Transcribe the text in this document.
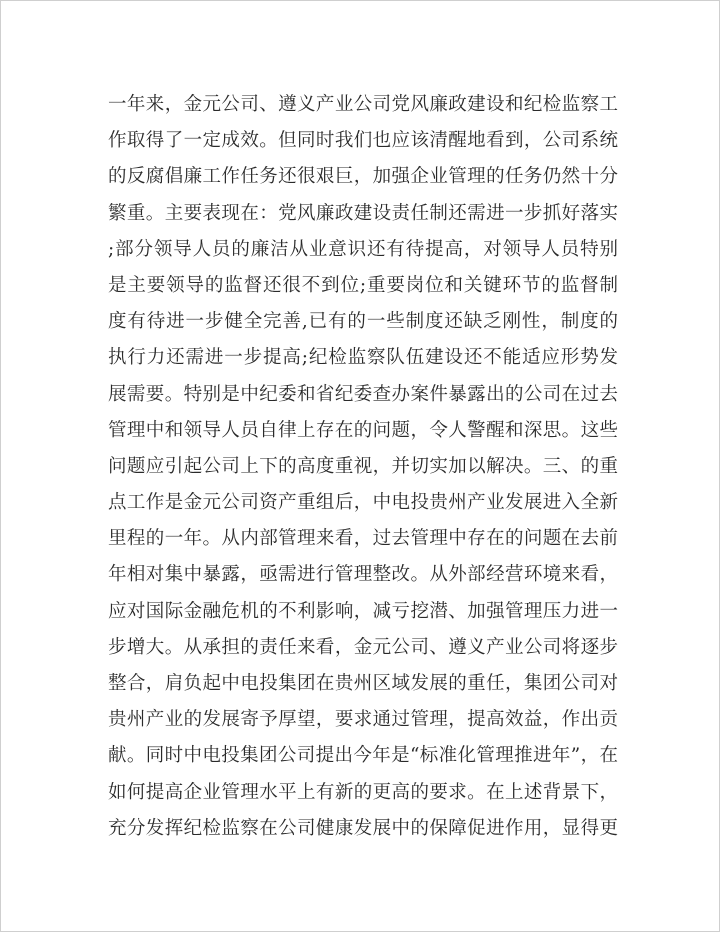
一年来，金元公司、遵义产业公司党风廉政建设和纪检监察工
作取得了一定成效。但同时我们也应该清醒地看到，公司系统
的反腐倡廉工作任务还很艰巨，加强企业管理的任务仍然十分
繁重。主要表现在：党风廉政建设责任制还需进一步抓好落实
;部分领导人员的廉洁从业意识还有待提高，对领导人员特别
是主要领导的监督还很不到位;重要岗位和关键环节的监督制
度有待进一步健全完善,已有的一些制度还缺乏刚性，制度的
执行力还需进一步提高;纪检监察队伍建设还不能适应形势发
展需要。特别是中纪委和省纪委查办案件暴露出的公司在过去
管理中和领导人员自律上存在的问题，令人警醒和深思。这些
问题应引起公司上下的高度重视，并切实加以解决。三、的重
点工作是金元公司资产重组后，中电投贵州产业发展进入全新
里程的一年。从内部管理来看，过去管理中存在的问题在去前
年相对集中暴露，亟需进行管理整改。从外部经营环境来看，
应对国际金融危机的不利影响，减亏挖潜、加强管理压力进一
步增大。从承担的责任来看，金元公司、遵义产业公司将逐步
整合，肩负起中电投集团在贵州区域发展的重任，集团公司对
贵州产业的发展寄予厚望，要求通过管理，提高效益，作出贡
献。同时中电投集团公司提出今年是“标准化管理推进年”，在
如何提高企业管理水平上有新的更高的要求。在上述背景下，
充分发挥纪检监察在公司健康发展中的保障促进作用，显得更
